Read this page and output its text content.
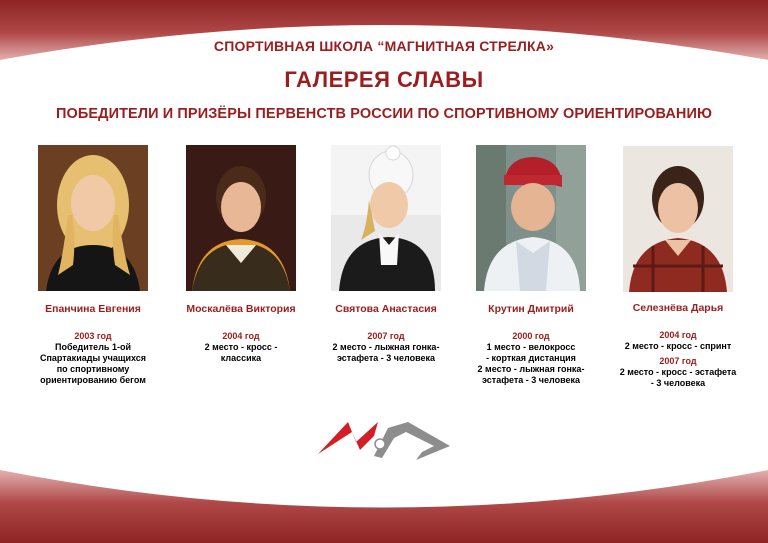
СПОРТИВНАЯ ШКОЛА “МАГНИТНАЯ СТРЕЛКА»
ГАЛЕРЕЯ СЛАВЫ
ПОБЕДИТЕЛИ И ПРИЗЁРЫ ПЕРВЕНСТВ РОССИИ ПО СПОРТИВНОМУ ОРИЕНТИРОВАНИЮ
Епанчина Евгения
2003 год
Победитель 1-ой
Спартакиады учащихся
по спортивному
ориентированию бегом
Москалёва Виктория
2004 год
2 место - кросс -
классика
Святова Анастасия
2007 год
2 место - лыжная гонка-
эстафета - 3 человека
Крутин Дмитрий
2000 год
1 место - велокросс
- корткая дистанция
2 место - лыжная гонка-
эстафета - 3 человека
Селезнёва Дарья
2004 год
2 место - кросс - спринт
2007 год
2 место - кросс - эстафета
- 3 человека
